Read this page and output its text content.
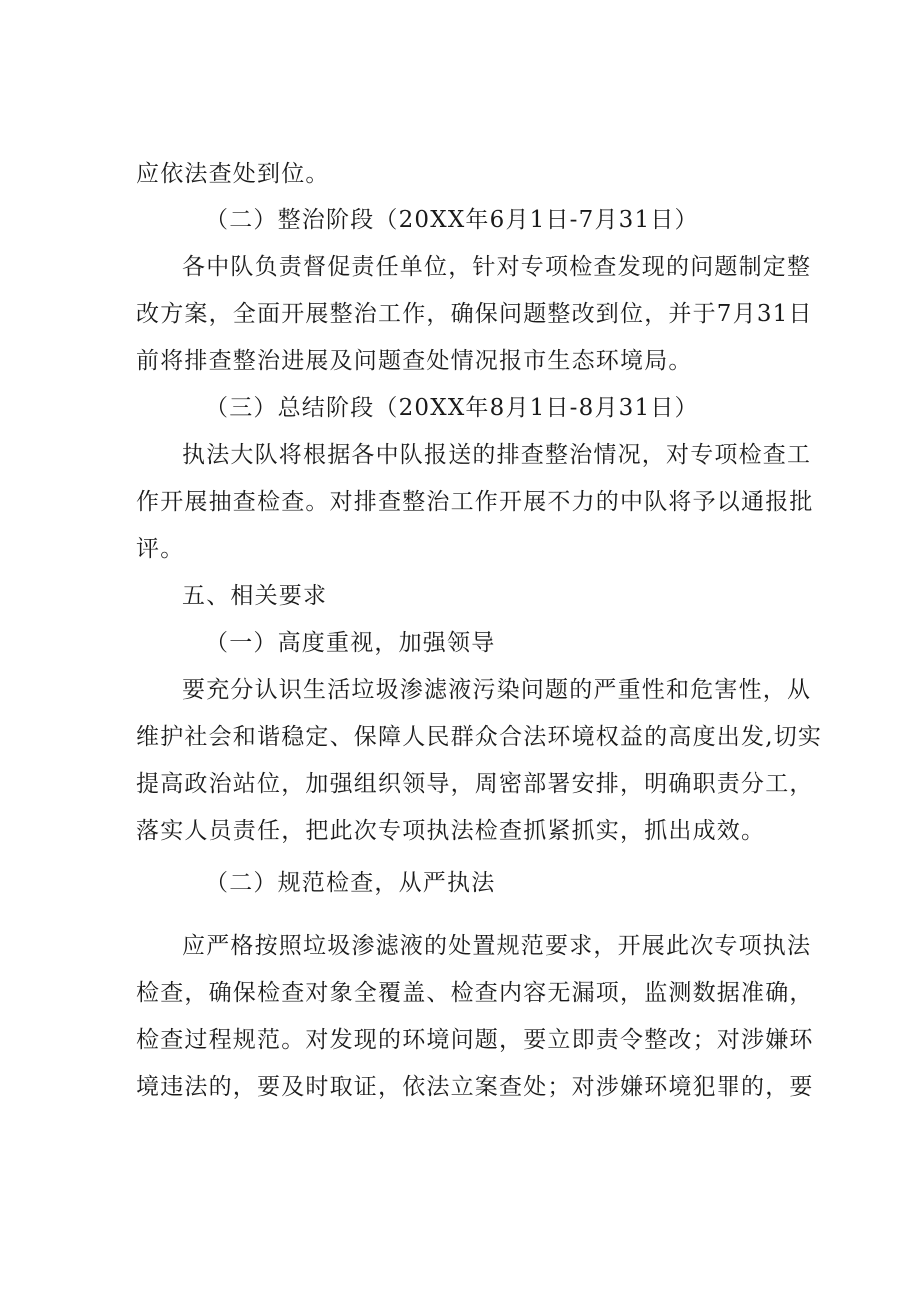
应依法查处到位。
（二）整治阶段（20XX年6月1日-7月31日）
各中队负责督促责任单位，针对专项检查发现的问题制定整
改方案，全面开展整治工作，确保问题整改到位，并于7月31日
前将排查整治进展及问题查处情况报市生态环境局。
（三）总结阶段（20XX年8月1日-8月31日）
执法大队将根据各中队报送的排查整治情况，对专项检查工
作开展抽查检查。对排查整治工作开展不力的中队将予以通报批
评。
五、相关要求
（一）高度重视，加强领导
要充分认识生活垃圾渗滤液污染问题的严重性和危害性，从
维护社会和谐稳定、保障人民群众合法环境权益的高度出发,切实
提高政治站位，加强组织领导，周密部署安排，明确职责分工，
落实人员责任，把此次专项执法检查抓紧抓实，抓出成效。
（二）规范检查，从严执法
应严格按照垃圾渗滤液的处置规范要求，开展此次专项执法
检查，确保检查对象全覆盖、检查内容无漏项，监测数据准确，
检查过程规范。对发现的环境问题，要立即责令整改；对涉嫌环
境违法的，要及时取证，依法立案查处；对涉嫌环境犯罪的，要
